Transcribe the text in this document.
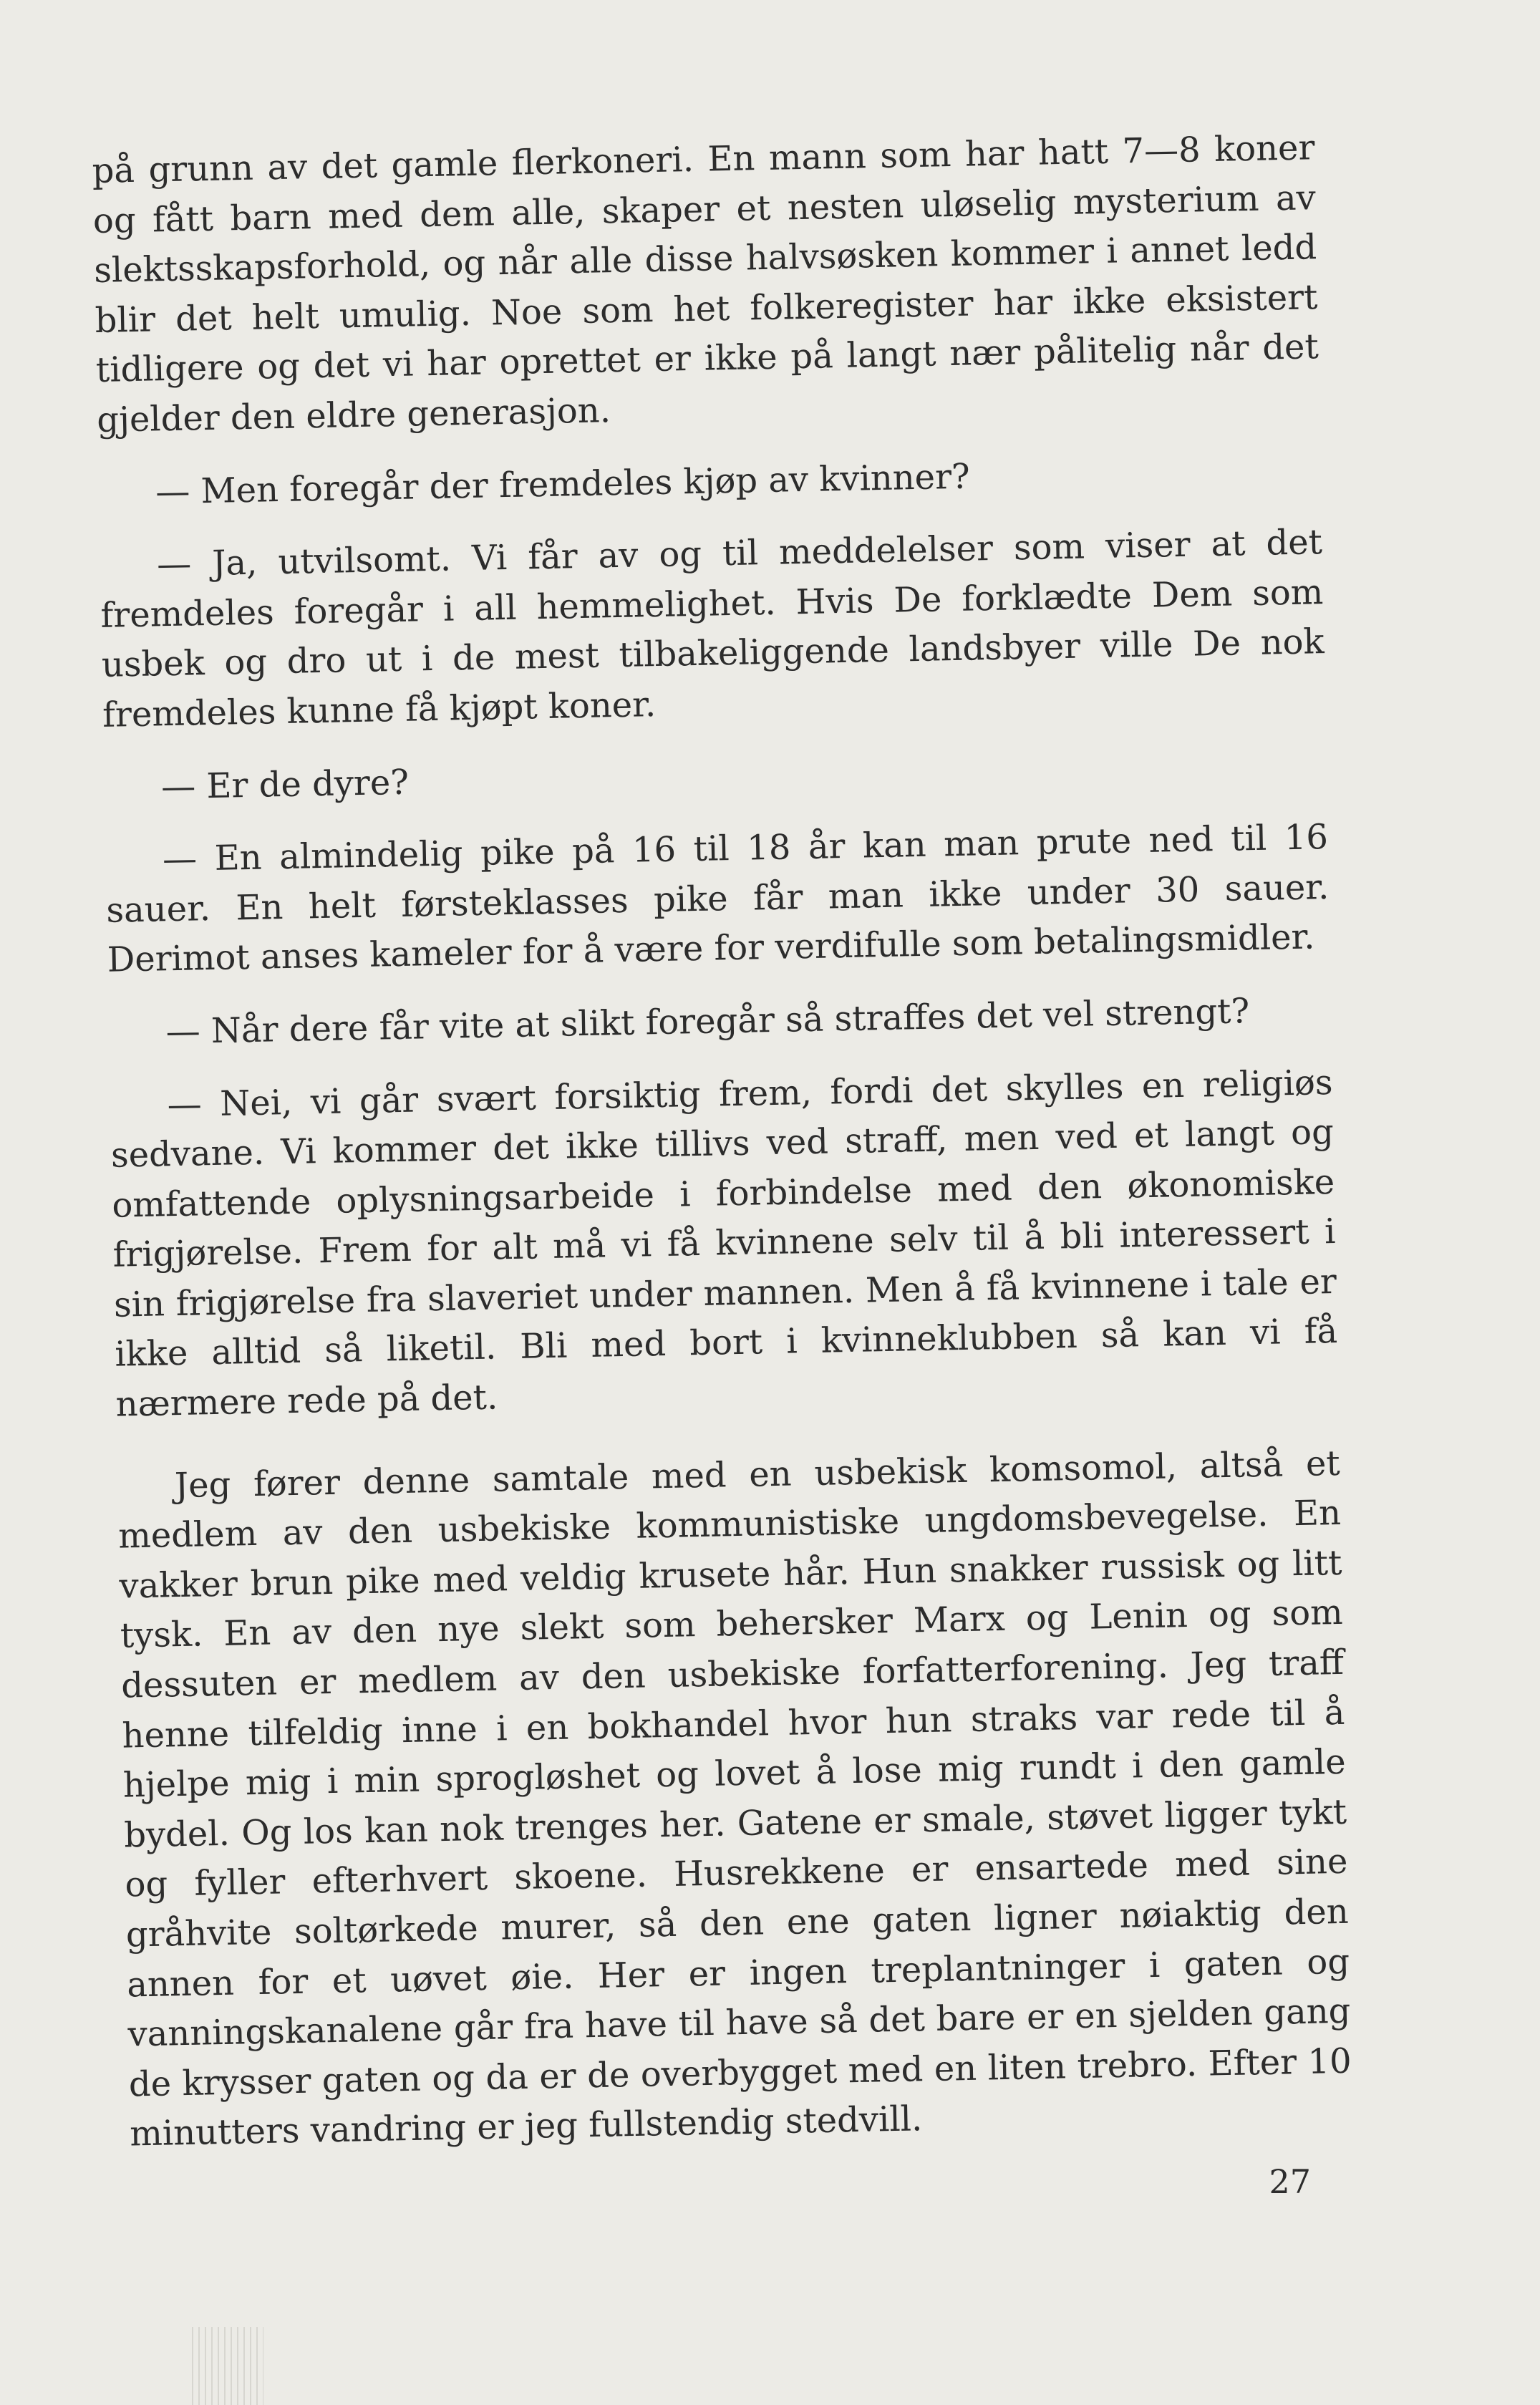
på grunn av det gamle flerkoneri. En mann som har hatt 7—8 koner og fått barn med dem alle, skaper et nesten uløselig mysterium av slektsskapsforhold, og når alle disse halvsøsken kommer i annet ledd blir det helt umulig. Noe som het folkeregister har ikke eksistert tidligere og det vi har oprettet er ikke på langt nær pålitelig når det gjelder den eldre generasjon.

— Men foregår der fremdeles kjøp av kvinner?

— Ja, utvilsomt. Vi får av og til meddelelser som viser at det fremdeles foregår i all hemmelighet. Hvis De forklædte Dem som usbek og dro ut i de mest tilbakeliggende landsbyer ville De nok fremdeles kunne få kjøpt koner.

— Er de dyre?

— En almindelig pike på 16 til 18 år kan man prute ned til 16 sauer. En helt førsteklasses pike får man ikke under 30 sauer. Derimot anses kameler for å være for verdifulle som betalingsmidler.

— Når dere får vite at slikt foregår så straffes det vel strengt?

— Nei, vi går svært forsiktig frem, fordi det skylles en religiøs sedvane. Vi kommer det ikke tillivs ved straff, men ved et langt og omfattende oplysningsarbeide i forbindelse med den økonomiske frigjørelse. Frem for alt må vi få kvinnene selv til å bli interessert i sin frigjørelse fra slaveriet under mannen. Men å få kvinnene i tale er ikke alltid så liketil. Bli med bort i kvinneklubben så kan vi få nærmere rede på det.

Jeg fører denne samtale med en usbekisk komsomol, altså et medlem av den usbekiske kommunistiske ungdomsbevegelse. En vakker brun pike med veldig krusete hår. Hun snakker russisk og litt tysk. En av den nye slekt som behersker Marx og Lenin og som dessuten er medlem av den usbekiske forfatterforening. Jeg traff henne tilfeldig inne i en bokhandel hvor hun straks var rede til å hjelpe mig i min sprogløshet og lovet å lose mig rundt i den gamle bydel. Og los kan nok trenges her. Gatene er smale, støvet ligger tykt og fyller efterhvert skoene. Husrekkene er ensartede med sine gråhvite soltørkede murer, så den ene gaten ligner nøiaktig den annen for et uøvet øie. Her er ingen treplantninger i gaten og vanningskanalene går fra have til have så det bare er en sjelden gang de krysser gaten og da er de overbygget med en liten trebro. Efter 10 minutters vandring er jeg fullstendig stedvill.

27
